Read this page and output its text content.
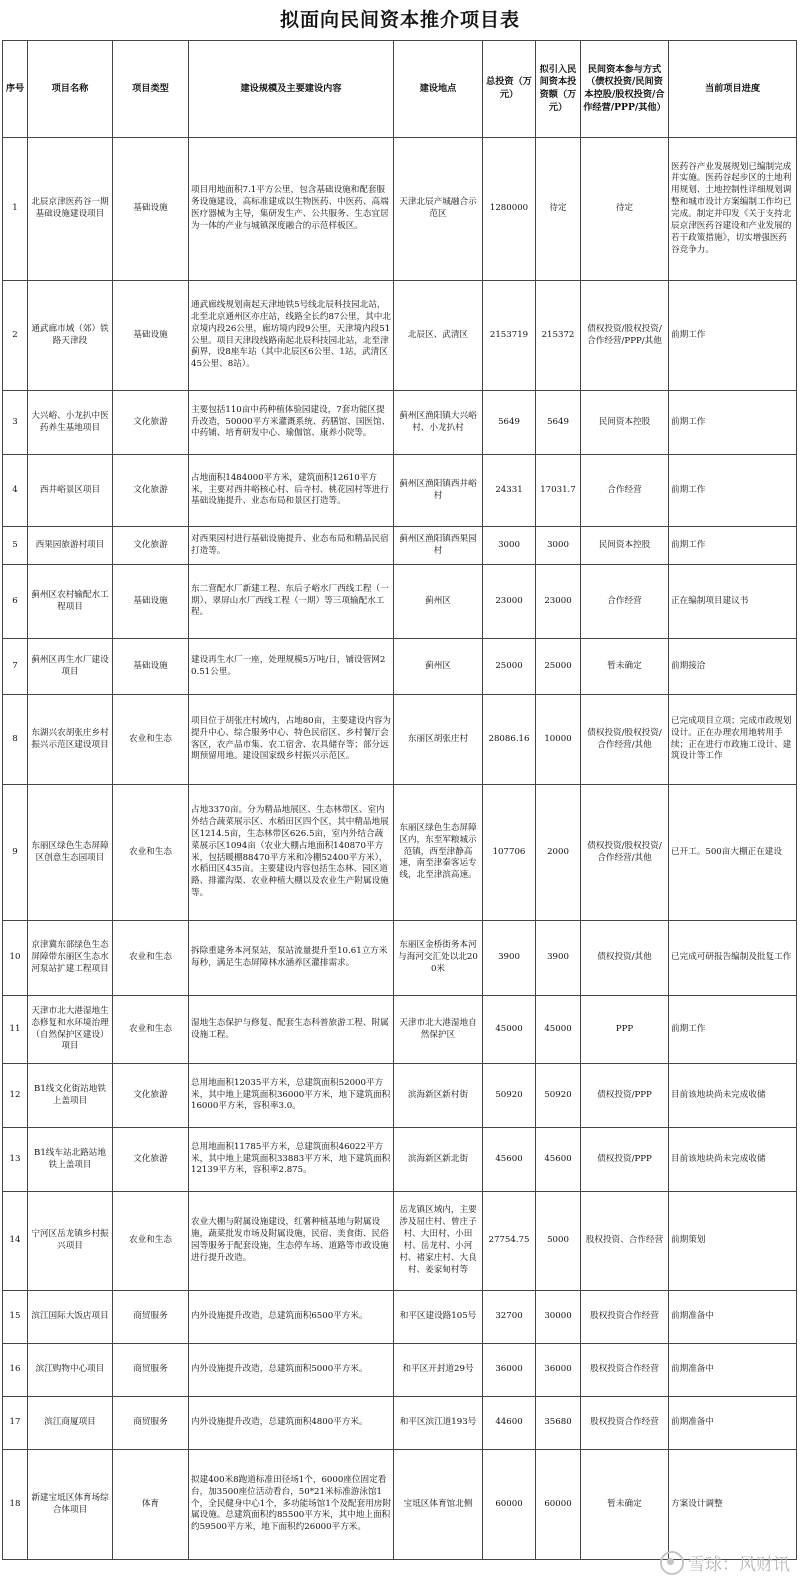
拟面向民间资本推介项目表
序号	项目名称	项目类型	建设规模及主要建设内容	建设地点	总投资（万元）	拟引入民间资本投资额（万元）	民间资本参与方式（债权投资/民间资本控股/股权投资/合作经营/PPP/其他）	当前项目进度
1	北辰京津医药谷一期基础设施建设项目	基础设施	项目用地面积7.1平方公里，包含基础设施和配套服务设施建设，高标准建成以生物医药、中医药、高端医疗器械为主导，集研发生产、公共服务、生态宜居为一体的产业与城镇深度融合的示范样板区。	天津北辰产城融合示范区	1280000	待定	待定	医药谷产业发展规划已编制完成并实施。医药谷起步区的土地利用规划、土地控制性详细规划调整和城市设计方案编制工作均已完成。制定并印发《关于支持北辰京津医药谷建设和产业发展的若干政策措施》，切实增强医药谷竞争力。
2	通武廊市域（郊）铁路天津段	基础设施	通武廊线规划南起天津地铁5号线北辰科技园北站，北至北京通州区亦庄站，线路全长约87公里，其中北京境内段26公里，廊坊境内段9公里，天津境内段51公里。项目天津段线路南起北辰科技园北站，北至津蓟界，设8座车站（其中北辰区6公里、1站，武清区45公里、8站）。	北辰区、武清区	2153719	215372	债权投资/股权投资/合作经营/PPP/其他	前期工作
3	大兴峪、小龙扒中医药养生基地项目	文化旅游	主要包括110亩中药种植体验园建设，7套功能区提升改造，50000平方米灌溉系统、药膳馆、国医馆、中药铺、培育研发中心、瑜伽馆、康养小院等。	蓟州区渔阳镇大兴峪村、小龙扒村	5649	5649	民间资本控股	前期工作
4	西井峪景区项目	文化旅游	占地面积1484000平方米，建筑面积12610平方米，主要对西井峪核心村、后寺村、桃花园村等进行基础设施提升、业态布局和景区打造等。	蓟州区渔阳镇西井峪村	24331	17031.7	合作经营	前期工作
5	西果园旅游村项目	文化旅游	对西果园村进行基础设施提升、业态布局和精品民宿打造等。	蓟州区渔阳镇西果园村	3000	3000	民间资本控股	前期工作
6	蓟州区农村输配水工程项目	基础设施	东二营配水厂新建工程、东后子峪水厂西线工程（一期）、翠屏山水厂西线工程（一期）等三项输配水工程。	蓟州区	23000	23000	合作经营	正在编制项目建议书
7	蓟州区再生水厂建设项目	基础设施	建设再生水厂一座，处理规模5万吨/日，铺设管网20.51公里。	蓟州区	25000	25000	暂未确定	前期接洽
8	东湖兴农胡张庄乡村振兴示范区建设项目	农业和生态	项目位于胡张庄村域内，占地80亩，主要建设内容为提升中心、综合服务中心、特色民宿区、乡村餐厅会客区，农产品市集、农工宿舍、农具储存等；部分远期预留用地。建设国家级乡村振兴示范区。	东丽区胡张庄村	28086.16	10000	债权投资/股权投资/合作经营/其他	已完成项目立项；完成市政规划设计。正在办理农用地转用手续；正在进行市政施工设计、建筑设计等工作
9	东丽区绿色生态屏障区创意生态园项目	农业和生态	占地3370亩。分为精品地展区、生态林带区、室内外结合蔬菜展示区、水稻田区四个区，其中精品地展区1214.5亩，生态林带区626.5亩，室内外结合蔬菜展示区1094亩（农业大棚占地面积140870平方米，包括暖棚88470平方米和冷棚52400平方米），水稻田区435亩。主要建设内容包括生态林、园区道路、排灌沟渠、农业种植大棚以及农业生产附属设施等。	东丽区绿色生态屏障区内，东至军粮城示范镇，西至津静高速，南至津秦客运专线，北至津滨高速。	107706	2000	债权投资/股权投资/合作经营/其他	已开工。500亩大棚正在建设
10	京津冀东部绿色生态屏障带东丽区生态水河泵站扩建工程项目	农业和生态	拆除重建务本河泵站，泵站流量提升至10.61立方米每秒，满足生态屏障林水涵养区灌排需求。	东丽区金桥街务本河与海河交汇处以北200米	3900	3900	债权投资/其他	已完成可研报告编制及批复工作
11	天津市北大港湿地生态修复和水环境治理（自然保护区建设）项目	农业和生态	湿地生态保护与修复、配套生态科普旅游工程、附属设施工程。	天津市北大港湿地自然保护区	45000	45000	PPP	前期工作
12	B1线文化街站地铁上盖项目	文化旅游	总用地面积12035平方米，总建筑面积52000平方米，其中地上建筑面积36000平方米，地下建筑面积16000平方米，容积率3.0。	滨海新区新村街	50920	50920	债权投资/PPP	目前该地块尚未完成收储
13	B1线车站北路站地铁上盖项目	文化旅游	总用地面积11785平方米，总建筑面积46022平方米，其中地上建筑面积33883平方米，地下建筑面积12139平方米，容积率2.875。	滨海新区新北街	45600	45600	债权投资/PPP	目前该地块尚未完成收储
14	宁河区岳龙镇乡村振兴项目	农业和生态	农业大棚与附属设施建设，红薯种植基地与附属设施，蔬菜批发市场及附属设施，民宿、美食街、民俗园等服务于配套设施，生态停车场、道路等市政设施进行提升改造。	岳龙镇区域内，主要涉及屈庄村、曾庄子村、大田村、小田村、岳龙村、小河村、褚家庄村、大良村、姜家甸村等	27754.75	5000	股权投资、合作经营	前期策划
15	滨江国际大饭店项目	商贸服务	内外设施提升改造，总建筑面积6500平方米。	和平区建设路105号	32700	30000	股权投资合作经营	前期准备中
16	滨江购物中心项目	商贸服务	内外设施提升改造，总建筑面积5000平方米。	和平区开封道29号	36000	36000	股权投资合作经营	前期准备中
17	滨江商厦项目	商贸服务	内外设施提升改造，总建筑面积4800平方米。	和平区滨江道193号	44600	35680	股权投资合作经营	前期准备中
18	新建宝坻区体育场综合体项目	体育	拟建400米8跑道标准田径场1个，6000座位固定看台，加3500座位活动看台，50*21米标准游泳馆1个，全民健身中心1个，多功能场馆1个及配套用房附属设施。总建筑面积约85500平方米，其中地上面积约59500平方米，地下面积约26000平方米。	宝坻区体育馆北侧	60000	60000	暂未确定	方案设计调整
雪球：风财讯
